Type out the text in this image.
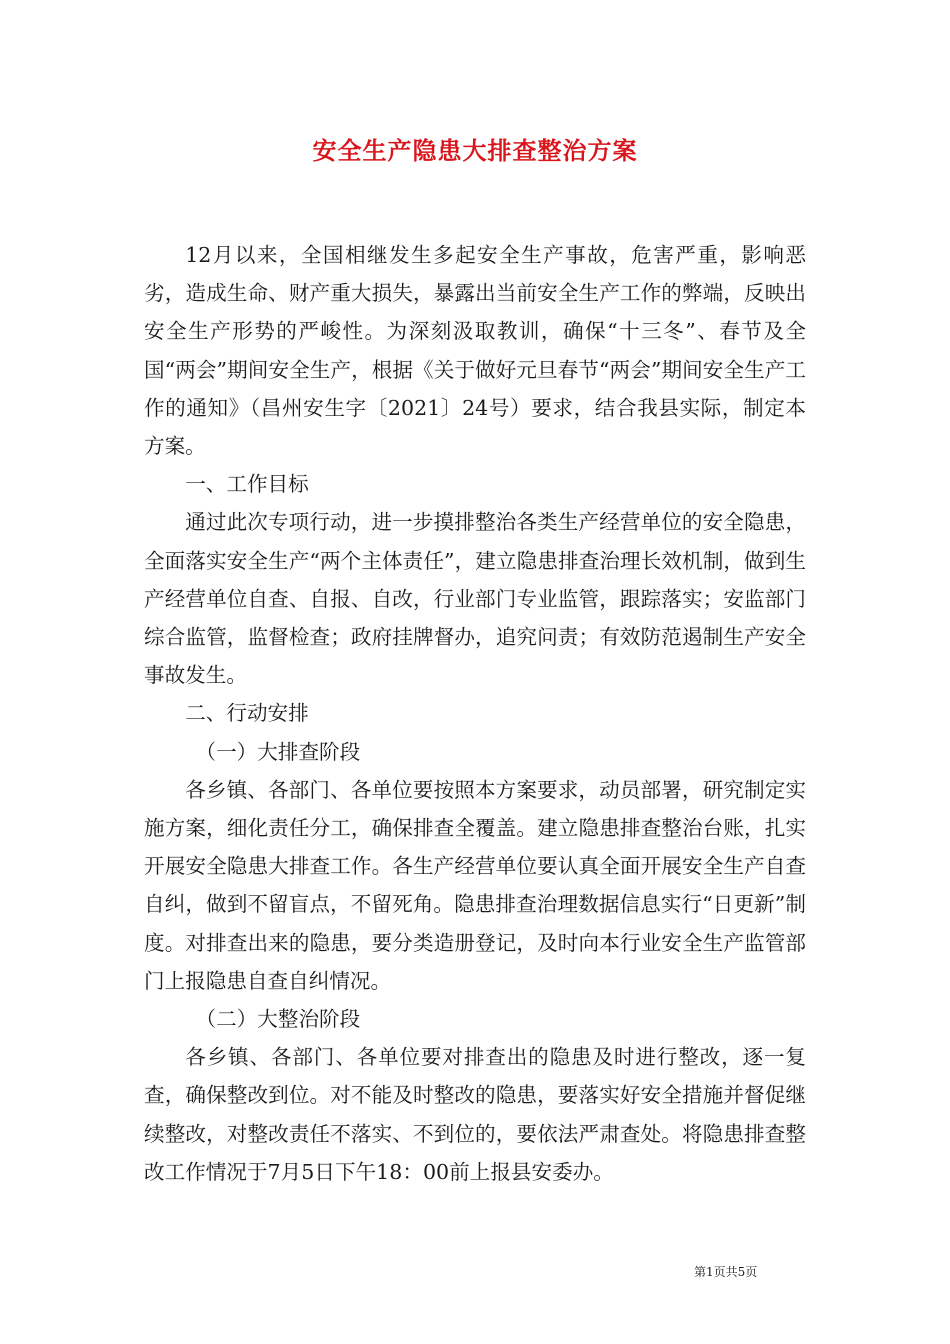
安全生产隐患大排查整治方案

12月以来，全国相继发生多起安全生产事故，危害严重，影响恶劣，造成生命、财产重大损失，暴露出当前安全生产工作的弊端，反映出安全生产形势的严峻性。为深刻汲取教训，确保“十三冬”、春节及全国“两会”期间安全生产，根据《关于做好元旦春节“两会”期间安全生产工作的通知》（昌州安生字〔2021〕24号）要求，结合我县实际，制定本方案。

一、工作目标

通过此次专项行动，进一步摸排整治各类生产经营单位的安全隐患，全面落实安全生产“两个主体责任”，建立隐患排查治理长效机制，做到生产经营单位自查、自报、自改，行业部门专业监管，跟踪落实；安监部门综合监管，监督检查；政府挂牌督办，追究问责；有效防范遏制生产安全事故发生。

二、行动安排

（一）大排查阶段

各乡镇、各部门、各单位要按照本方案要求，动员部署，研究制定实施方案，细化责任分工，确保排查全覆盖。建立隐患排查整治台账，扎实开展安全隐患大排查工作。各生产经营单位要认真全面开展安全生产自查自纠，做到不留盲点，不留死角。隐患排查治理数据信息实行“日更新”制度。对排查出来的隐患，要分类造册登记，及时向本行业安全生产监管部门上报隐患自查自纠情况。

（二）大整治阶段

各乡镇、各部门、各单位要对排查出的隐患及时进行整改，逐一复查，确保整改到位。对不能及时整改的隐患，要落实好安全措施并督促继续整改，对整改责任不落实、不到位的，要依法严肃查处。将隐患排查整改工作情况于7月5日下午18：00前上报县安委办。

第1页共5页
